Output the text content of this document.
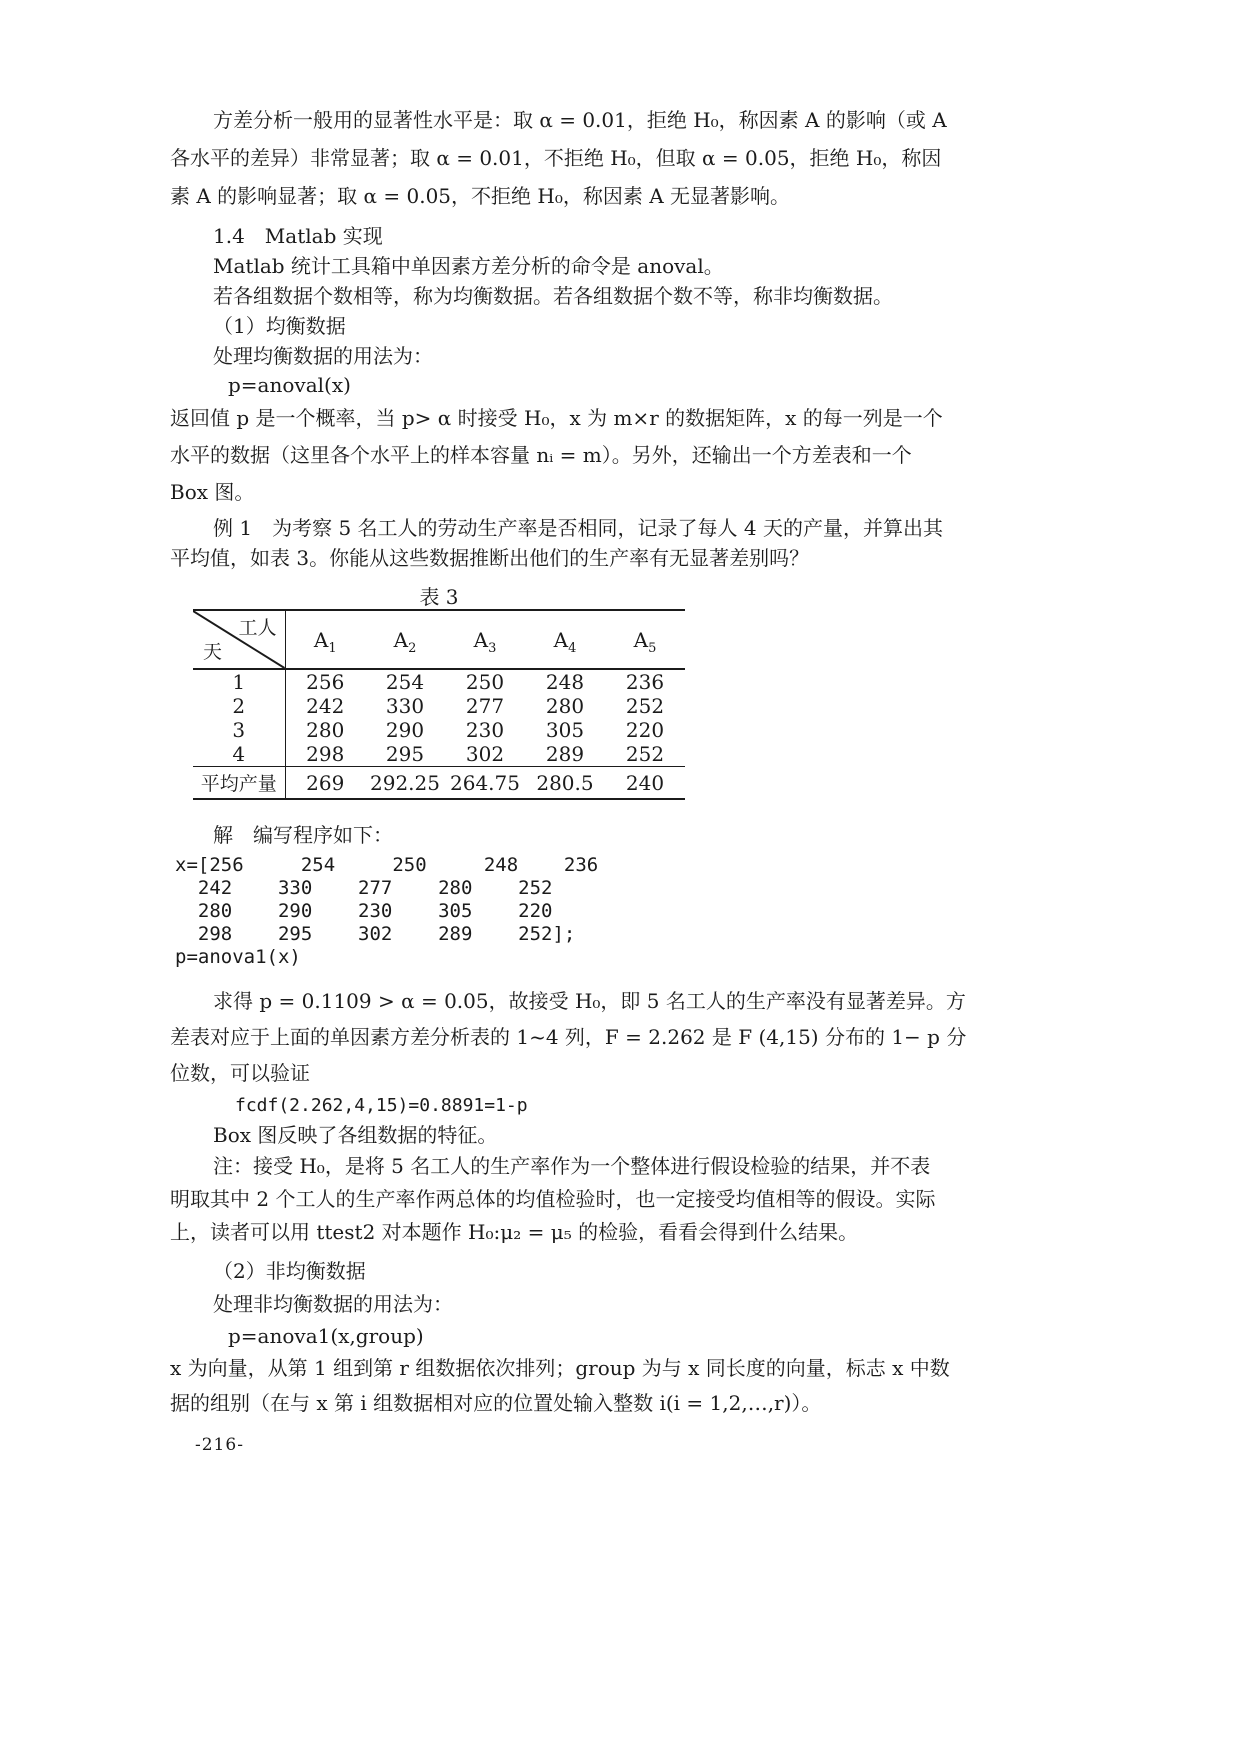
方差分析一般用的显著性水平是：取 α = 0.01，拒绝 H₀，称因素 A 的影响（或 A
各水平的差异）非常显著；取 α = 0.01，不拒绝 H₀，但取 α = 0.05，拒绝 H₀，称因
素 A 的影响显著；取 α = 0.05，不拒绝 H₀，称因素 A 无显著影响。
1.4　Matlab 实现
Matlab 统计工具箱中单因素方差分析的命令是 anoval。
若各组数据个数相等，称为均衡数据。若各组数据个数不等，称非均衡数据。
（1）均衡数据
处理均衡数据的用法为：
p=anoval(x)
返回值 p 是一个概率，当 p> α 时接受 H₀，x 为 m×r 的数据矩阵，x 的每一列是一个
水平的数据（这里各个水平上的样本容量 nᵢ = m）。另外，还输出一个方差表和一个
Box 图。
例 1　为考察 5 名工人的劳动生产率是否相同，记录了每人 4 天的产量，并算出其
平均值，如表 3。你能从这些数据推断出他们的生产率有无显著差别吗？
表 3
工人
天	$A_1$	$A_2$	$A_3$	$A_4$	$A_5$
1	256	254	250	248	236
2	242	330	277	280	252
3	280	290	230	305	220
4	298	295	302	289	252
平均产量	269	292.25	264.75	280.5	240
解　编写程序如下：
x=[256     254     250     248    236
242    330    277    280    252
280    290    230    305    220
298    295    302    289    252];
p=anova1(x)
求得 p = 0.1109 > α = 0.05，故接受 H₀，即 5 名工人的生产率没有显著差异。方
差表对应于上面的单因素方差分析表的 1~4 列，F = 2.262 是 F (4,15) 分布的 1− p 分
位数，可以验证
fcdf(2.262,4,15)=0.8891=1-p
Box 图反映了各组数据的特征。
注：接受 H₀，是将 5 名工人的生产率作为一个整体进行假设检验的结果，并不表
明取其中 2 个工人的生产率作两总体的均值检验时，也一定接受均值相等的假设。实际
上，读者可以用 ttest2 对本题作 H₀:μ₂ = μ₅ 的检验，看看会得到什么结果。
（2）非均衡数据
处理非均衡数据的用法为：
p=anova1(x,group)
x 为向量，从第 1 组到第 r 组数据依次排列；group 为与 x 同长度的向量，标志 x 中数
据的组别（在与 x 第 i 组数据相对应的位置处输入整数 i(i = 1,2,…,r)）。
-216-
